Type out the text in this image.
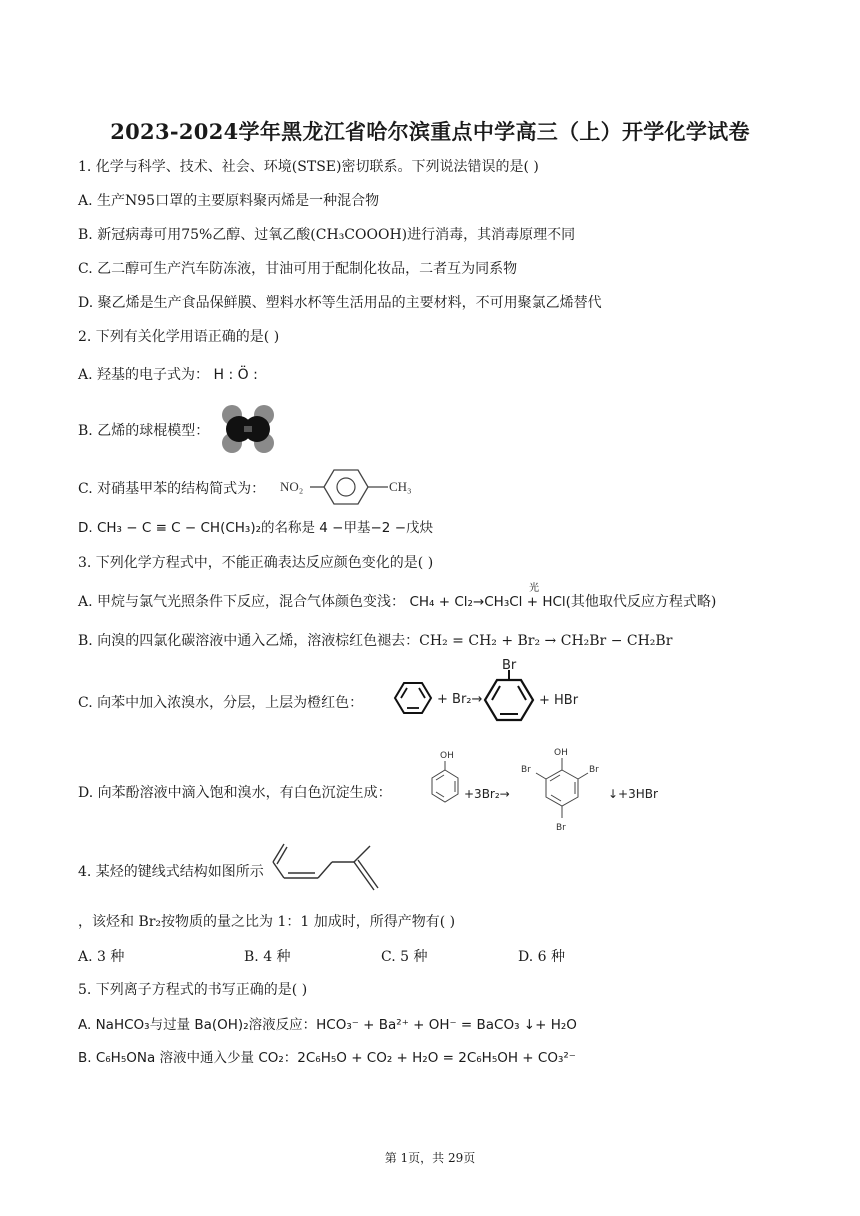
2023-2024学年黑龙江省哈尔滨重点中学高三（上）开学化学试卷
1. 化学与科学、技术、社会、环境(STSE)密切联系。下列说法错误的是( )
A. 生产N95口罩的主要原料聚丙烯是一种混合物
B. 新冠病毒可用75%乙醇、过氧乙酸(CH₃COOOH)进行消毒，其消毒原理不同
C. 乙二醇可生产汽车防冻液，甘油可用于配制化妆品，二者互为同系物
D. 聚乙烯是生产食品保鲜膜、塑料水杯等生活用品的主要材料，不可用聚氯乙烯替代
2. 下列有关化学用语正确的是( )
A. 羟基的电子式为： H : Ö :
B. 乙烯的球棍模型：
C. 对硝基甲苯的结构简式为： NO₂	CH₃
D. CH₃ − C ≡ C − CH(CH₃)₂的名称是 4 −甲基−2 −戊炔
3. 下列化学方程式中，不能正确表达反应颜色变化的是( )
A. 甲烷与氯气光照条件下反应，混合气体颜色变浅： CH₄ + Cl₂→CH₃Cl + HCl(其他取代反应方程式略)
光
B. 向溴的四氯化碳溶液中通入乙烯，溶液棕红色褪去：CH₂ = CH₂ + Br₂ → CH₂Br − CH₂Br
C. 向苯中加入浓溴水，分层，上层为橙红色：	+ Br₂→
Br
+ HBr
D. 向苯酚溶液中滴入饱和溴水，有白色沉淀生成：
OH
+3Br₂→
OH
Br	Br
Br
↓+3HBr
4. 某烃的键线式结构如图所示
，该烃和 Br₂按物质的量之比为 1：1 加成时，所得产物有( )
A. 3 种	B. 4 种	C. 5 种	D. 6 种
5. 下列离子方程式的书写正确的是( )
A. NaHCO₃与过量 Ba(OH)₂溶液反应：HCO₃⁻ + Ba²⁺ + OH⁻ = BaCO₃ ↓+ H₂O
B. C₆H₅ONa 溶液中通入少量 CO₂：2C₆H₅O + CO₂ + H₂O = 2C₆H₅OH + CO₃²⁻
第 1页，共 29页
